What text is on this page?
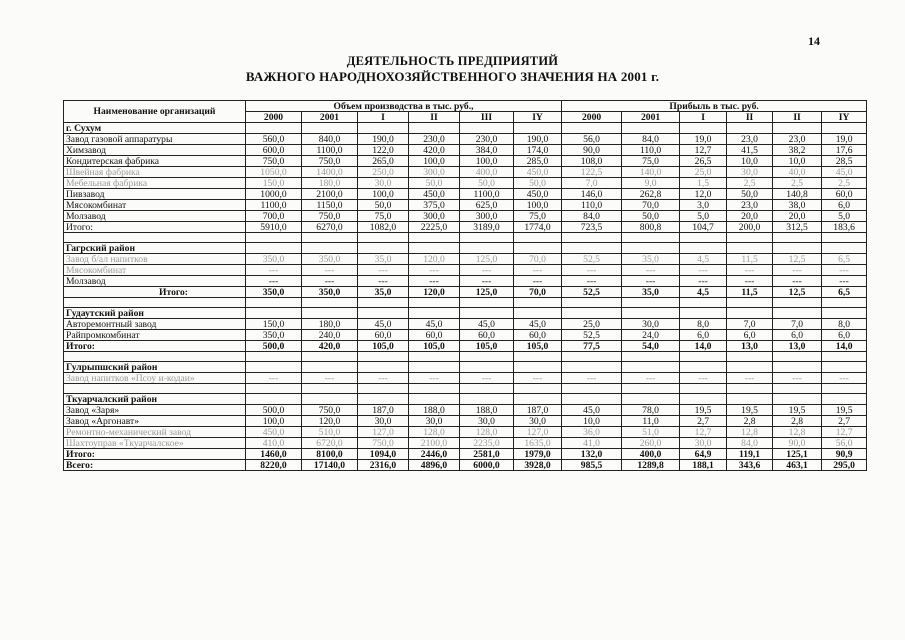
14
ДЕЯТЕЛЬНОСТЬ ПРЕДПРИЯТИЙ
ВАЖНОГО НАРОДНОХОЗЯЙСТВЕННОГО ЗНАЧЕНИЯ НА 2001 г.
Наименование организаций	Объем производства в тыс. руб.,						Прибыль в тыс. руб.					
	2000	2001	I	II	III	IY	2000	2001	I	II	II	IY
г. Сухум												
Завод газовой аппаратуры	560,0	840,0	190,0	230,0	230,0	190,0	56,0	84,0	19,0	23,0	23,0	19,0
Химзавод	600,0	1100,0	122,0	420,0	384,0	174,0	90,0	110,0	12,7	41,5	38,2	17,6
Кондитерская фабрика	750,0	750,0	265,0	100,0	100,0	285,0	108,0	75,0	26,5	10,0	10,0	28,5
Швейная фабрика	1050,0	1400,0	250,0	300,0	400,0	450,0	122,5	140,0	25,0	30,0	40,0	45,0
Мебельная фабрика	150,0	180,0	30,0	50,0	50,0	50,0	7,0	9,0	1,5	2,5	2,5	2,5
Пивзавод	1000,0	2100,0	100,0	450,0	1100,0	450,0	146,0	262,8	12,0	50,0	140,8	60,0
Мясокомбинат	1100,0	1150,0	50,0	375,0	625,0	100,0	110,0	70,0	3,0	23,0	38,0	6,0
Молзавод	700,0	750,0	75,0	300,0	300,0	75,0	84,0	50,0	5,0	20,0	20,0	5,0
Итого:	5910,0	6270,0	1082,0	2225,0	3189,0	1774,0	723,5	800,8	104,7	200,0	312,5	183,6

Гагрский район												
Завод б/ал напитков	350,0	350,0	35,0	120,0	125,0	70,0	52,5	35,0	4,5	11,5	12,5	6,5
Мясокомбинат	---	---	---	---	---	---	---	---	---	---	---	---
Молзавод	---	---	---	---	---	---	---	---	---	---	---	---
Итого:	350,0	350,0	35,0	120,0	125,0	70,0	52,5	35,0	4,5	11,5	12,5	6,5

Гудаутский район												
Авторемонтный завод	150,0	180,0	45,0	45,0	45,0	45,0	25,0	30,0	8,0	7,0	7,0	8,0
Райпромкомбинат	350,0	240,0	60,0	60,0	60,0	60,0	52,5	24,0	6,0	6,0	6,0	6,0
Итого:	500,0	420,0	105,0	105,0	105,0	105,0	77,5	54,0	14,0	13,0	13,0	14,0

Гулрыпшский район												
Завод напитков «Псоу и-кодаи»	---	---	---	---	---	---	---	---	---	---	---	---

Ткуарчалский район												
Завод «Заря»	500,0	750,0	187,0	188,0	188,0	187,0	45,0	78,0	19,5	19,5	19,5	19,5
Завод «Аргонавт»	100,0	120,0	30,0	30,0	30,0	30,0	10,0	11,0	2,7	2,8	2,8	2,7
Ремонтно-механический завод	450,0	510,0	127,0	128,0	128,0	127,0	36,0	51,0	12,7	12,8	12,8	12,7
Шахтоуправ «Ткуарчалское»	410,0	6720,0	750,0	2100,0	2235,0	1635,0	41,0	260,0	30,0	84,0	90,0	56,0
Итого:	1460,0	8100,0	1094,0	2446,0	2581,0	1979,0	132,0	400,0	64,9	119,1	125,1	90,9
Всего:	8220,0	17140,0	2316,0	4896,0	6000,0	3928,0	985,5	1289,8	188,1	343,6	463,1	295,0
